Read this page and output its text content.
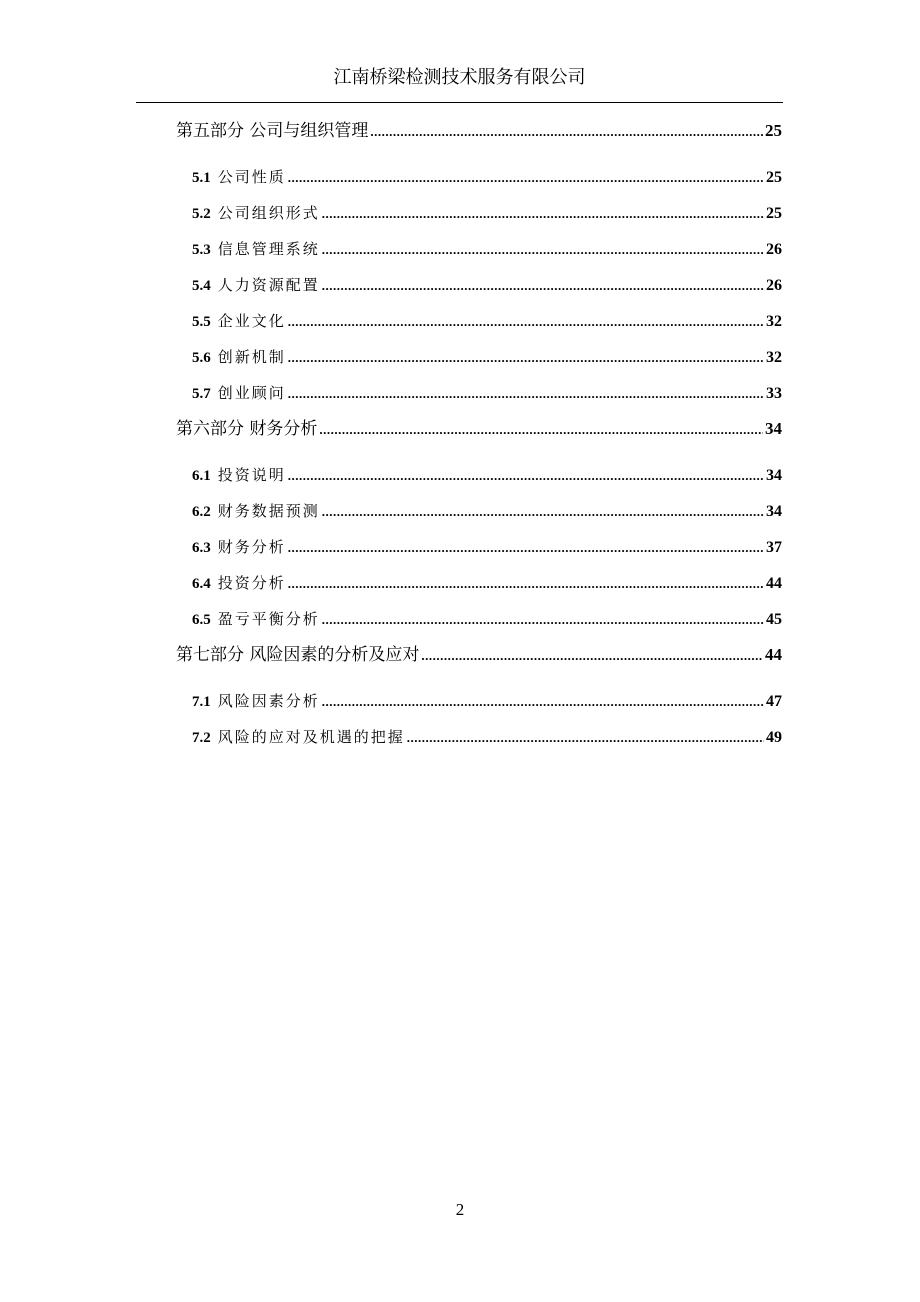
江南桥梁检测技术服务有限公司
第五部分 公司与组织管理 .....	25
5.1 公司性质 .....	25
5.2 公司组织形式 .....	25
5.3 信息管理系统 .....	26
5.4 人力资源配置 .....	26
5.5 企业文化 .....	32
5.6 创新机制 .....	32
5.7 创业顾问 .....	33
第六部分 财务分析 .....	34
6.1 投资说明 .....	34
6.2 财务数据预测 .....	34
6.3 财务分析 .....	37
6.4 投资分析 .....	44
6.5 盈亏平衡分析 .....	45
第七部分 风险因素的分析及应对 .....	44
7.1 风险因素分析 .....	47
7.2 风险的应对及机遇的把握 .....	49
2
